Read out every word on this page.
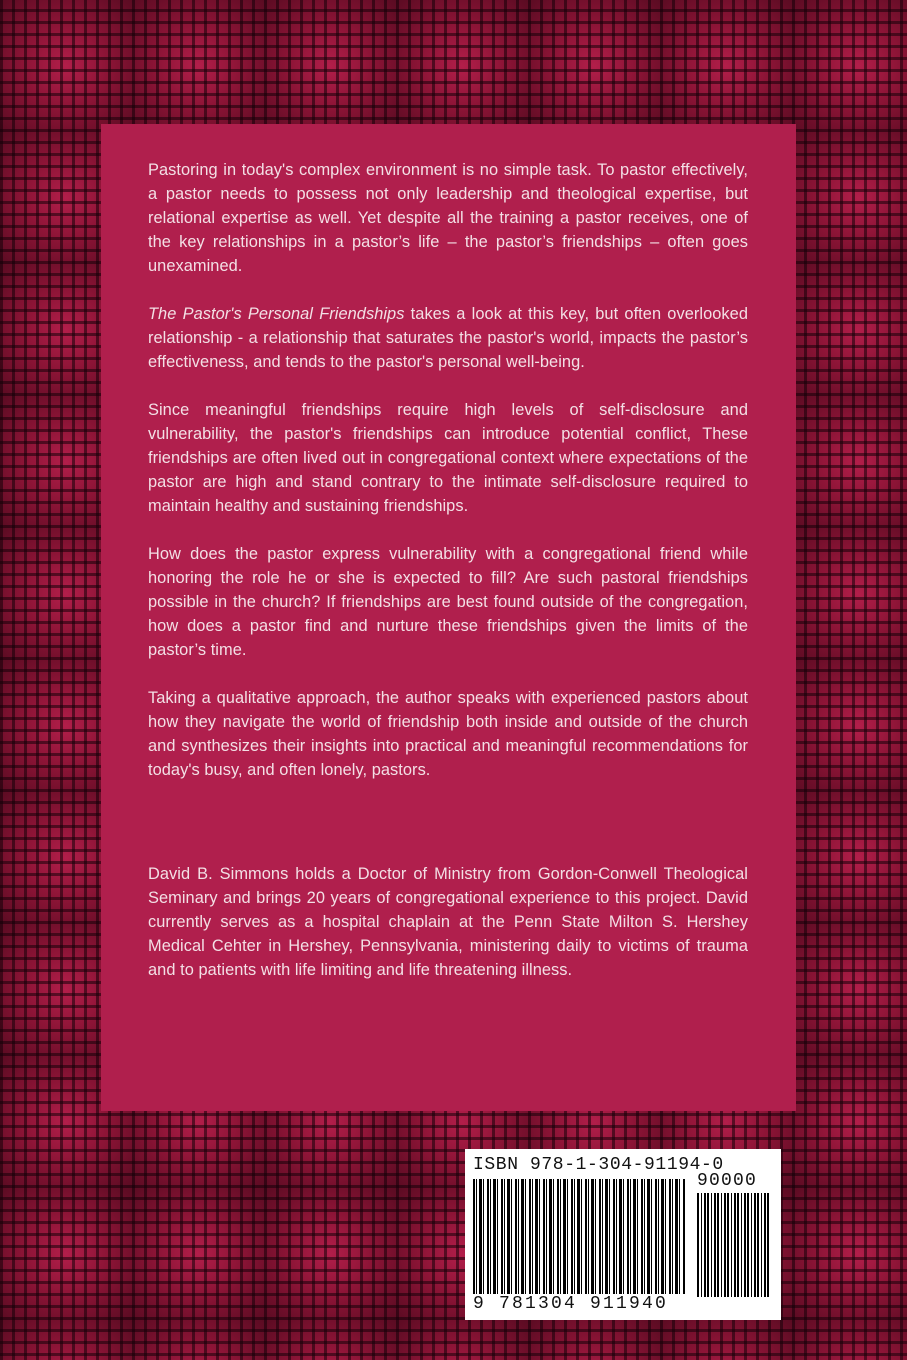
Pastoring in today's complex environment is no simple task. To pastor effectively, a pastor needs to possess not only leadership and theological expertise, but relational expertise as well. Yet despite all the training a pastor receives, one of the key relationships in a pastor’s life – the pastor’s friendships – often goes unexamined.

The Pastor's Personal Friendships takes a look at this key, but often overlooked relationship - a relationship that saturates the pastor's world, impacts the pastor’s effectiveness, and tends to the pastor's personal well-being.

Since meaningful friendships require high levels of self-disclosure and vulnerability, the pastor's friendships can introduce potential conflict, These friendships are often lived out in congregational context where expectations of the pastor are high and stand contrary to the intimate self-disclosure required to maintain healthy and sustaining friendships.

How does the pastor express vulnerability with a congregational friend while honoring the role he or she is expected to fill? Are such pastoral friendships possible in the church? If friendships are best found outside of the congregation, how does a pastor find and nurture these friendships given the limits of the pastor’s time.

Taking a qualitative approach, the author speaks with experienced pastors about how they navigate the world of friendship both inside and outside of the church and synthesizes their insights into practical and meaningful recommendations for today's busy, and often lonely, pastors.

David B. Simmons holds a Doctor of Ministry from Gordon-Conwell Theological Seminary and brings 20 years of congregational experience to this project. David currently serves as a hospital chaplain at the Penn State Milton S. Hershey Medical Cehter in Hershey, Pennsylvania, ministering daily to victims of trauma and to patients with life limiting and life threatening illness.

ISBN 978-1-304-91194-0
90000
9 781304 911940
